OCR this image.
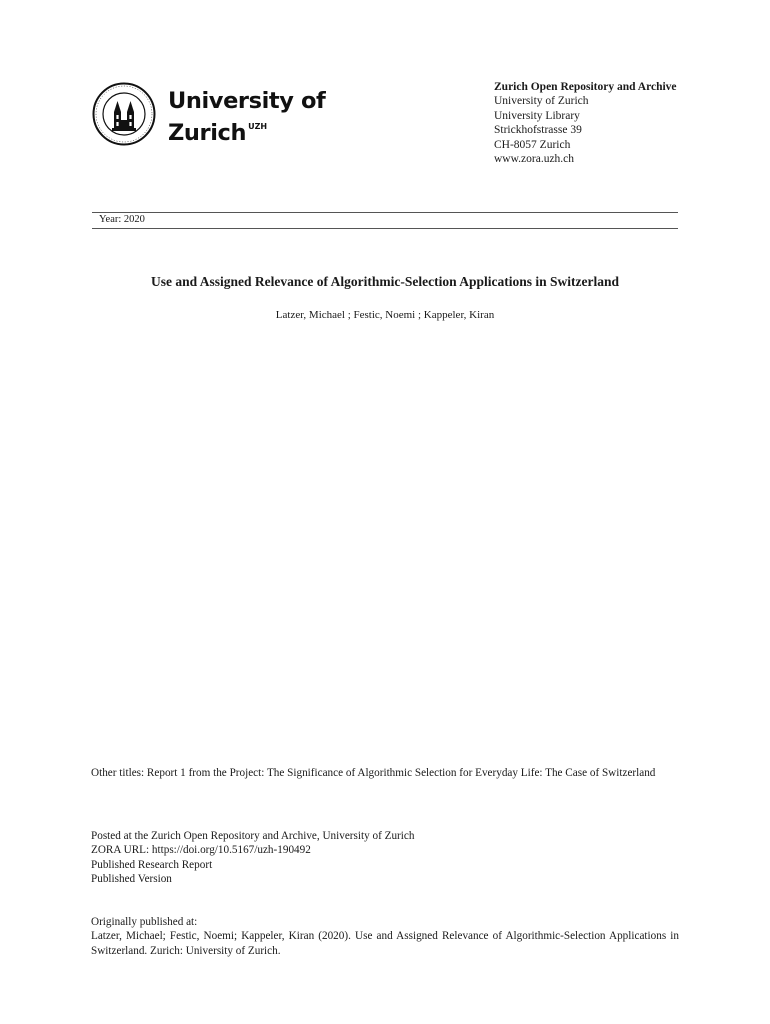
University of
Zurich $^{UZH}$
Zurich Open Repository and Archive
University of Zurich
University Library
Strickhofstrasse 39
CH-8057 Zurich
www.zora.uzh.ch
Year: 2020
Use and Assigned Relevance of Algorithmic-Selection Applications in Switzerland
Latzer, Michael ; Festic, Noemi ; Kappeler, Kiran
Other titles: Report 1 from the Project: The Significance of Algorithmic Selection for Everyday Life: The Case of Switzerland
Posted at the Zurich Open Repository and Archive, University of Zurich
ZORA URL: https://doi.org/10.5167/uzh-190492
Published Research Report
Published Version
Originally published at:
Latzer, Michael; Festic, Noemi; Kappeler, Kiran (2020). Use and Assigned Relevance of Algorithmic-Selection Applications in Switzerland. Zurich: University of Zurich.
